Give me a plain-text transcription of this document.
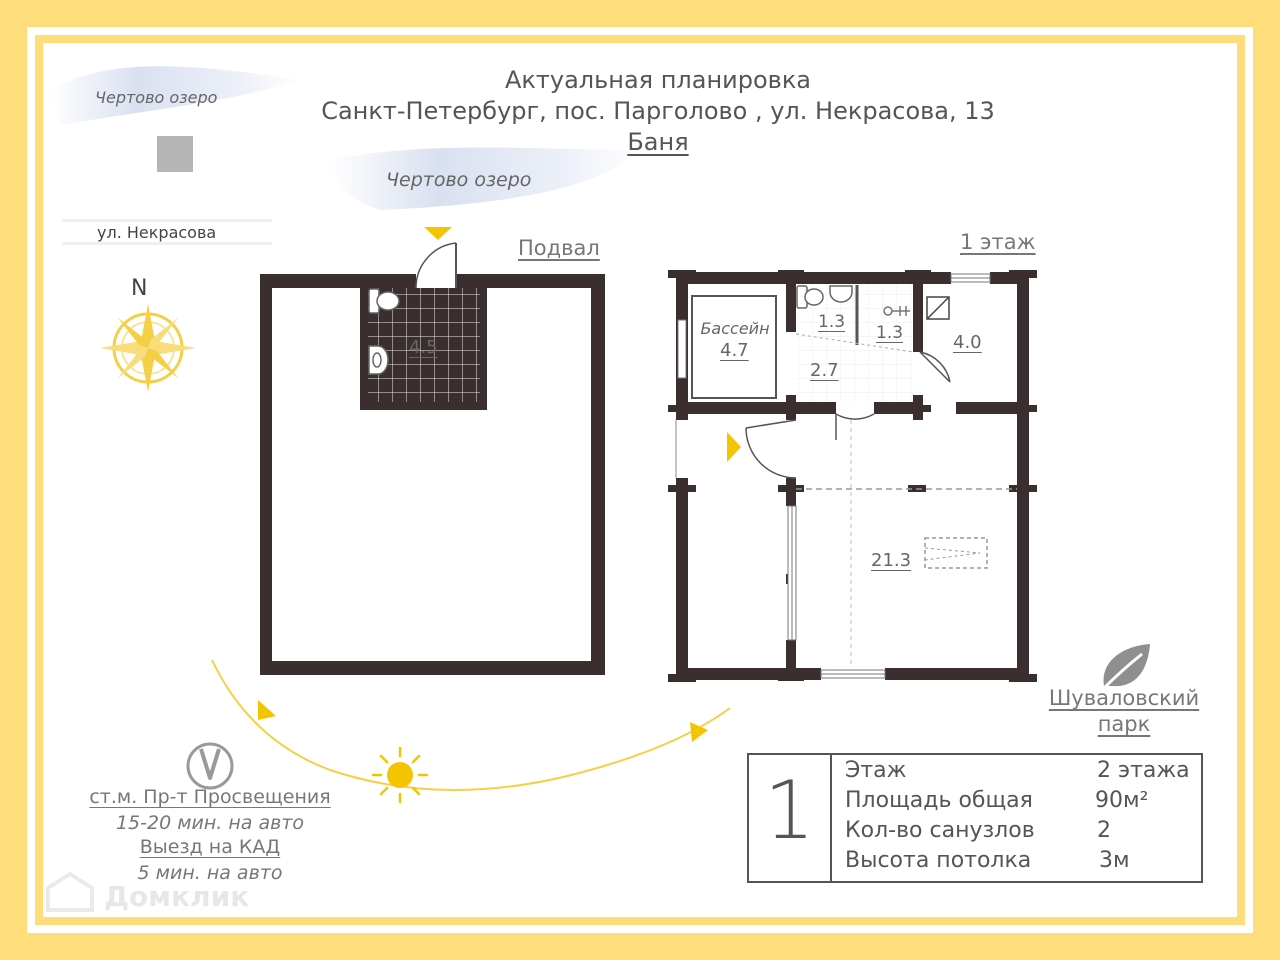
Актуальная планировка
Санкт-Петербург, пос. Парголово , ул. Некрасова, 13
Баня
Чертово озеро
Чертово озеро
ул. Некрасова
N
Подвал	1 этаж
4.5
Бассейн
4.7
1.3
1.3
2.7
4.0
21.3
Шуваловский
парк
ст.м. Пр-т Просвещения
15-20 мин. на авто
Выезд на КАД
5 мин. на авто
Домклик
1	Этаж	2 этажа
Площадь общая	90м²
Кол-во санузлов	2
Высота потолка	3м
